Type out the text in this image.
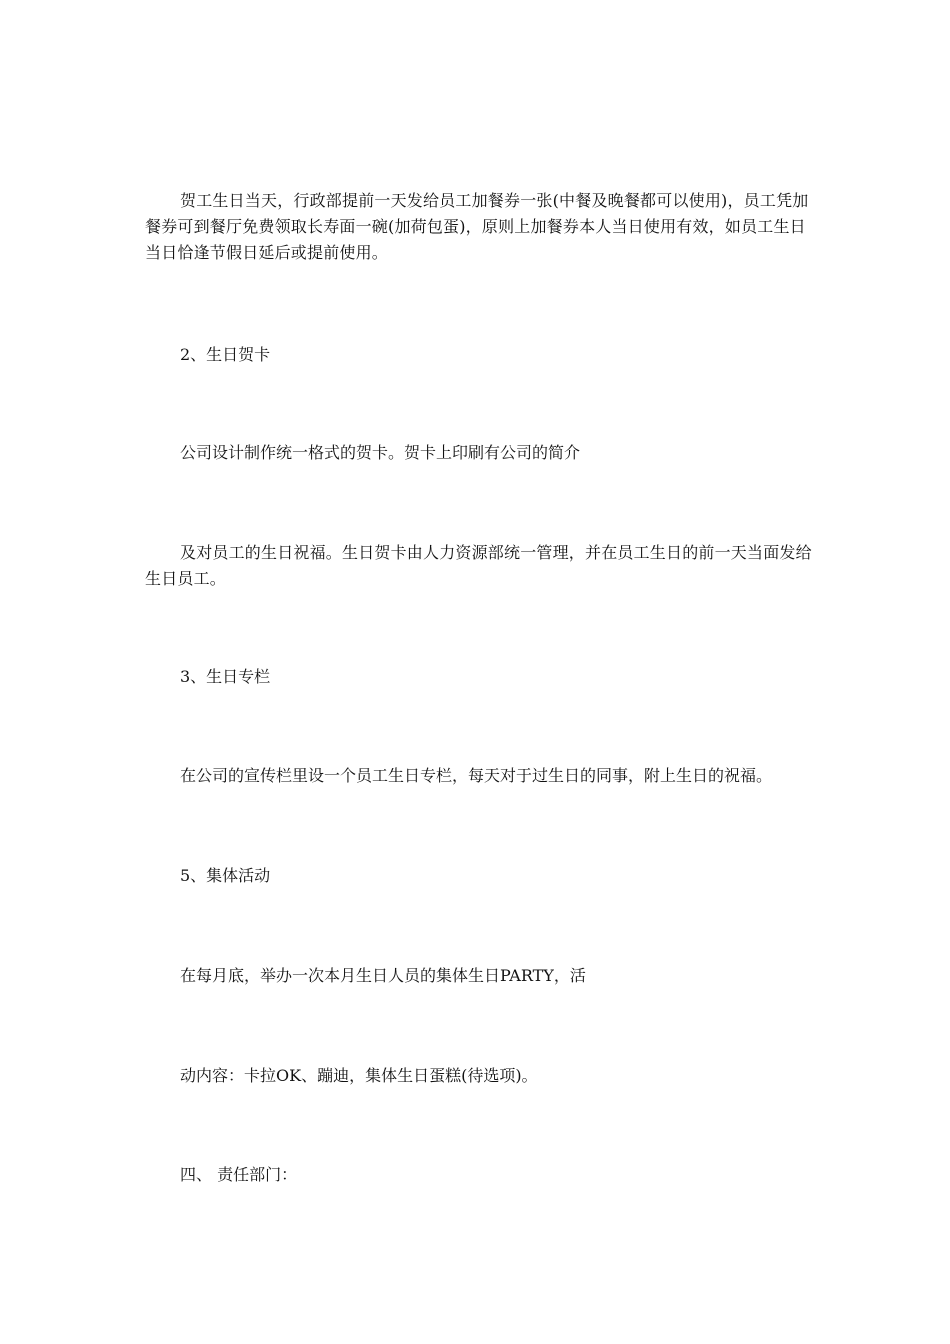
贺工生日当天，行政部提前一天发给员工加餐券一张(中餐及晚餐都可以使用)，员工凭加餐券可到餐厅免费领取长寿面一碗(加荷包蛋)，原则上加餐券本人当日使用有效，如员工生日当日恰逢节假日延后或提前使用。

2、生日贺卡

公司设计制作统一格式的贺卡。贺卡上印刷有公司的简介

及对员工的生日祝福。生日贺卡由人力资源部统一管理，并在员工生日的前一天当面发给生日员工。

3、生日专栏

在公司的宣传栏里设一个员工生日专栏，每天对于过生日的同事，附上生日的祝福。

5、集体活动

在每月底，举办一次本月生日人员的集体生日PARTY，活

动内容：卡拉OK、蹦迪，集体生日蛋糕(待选项)。

四、 责任部门：
